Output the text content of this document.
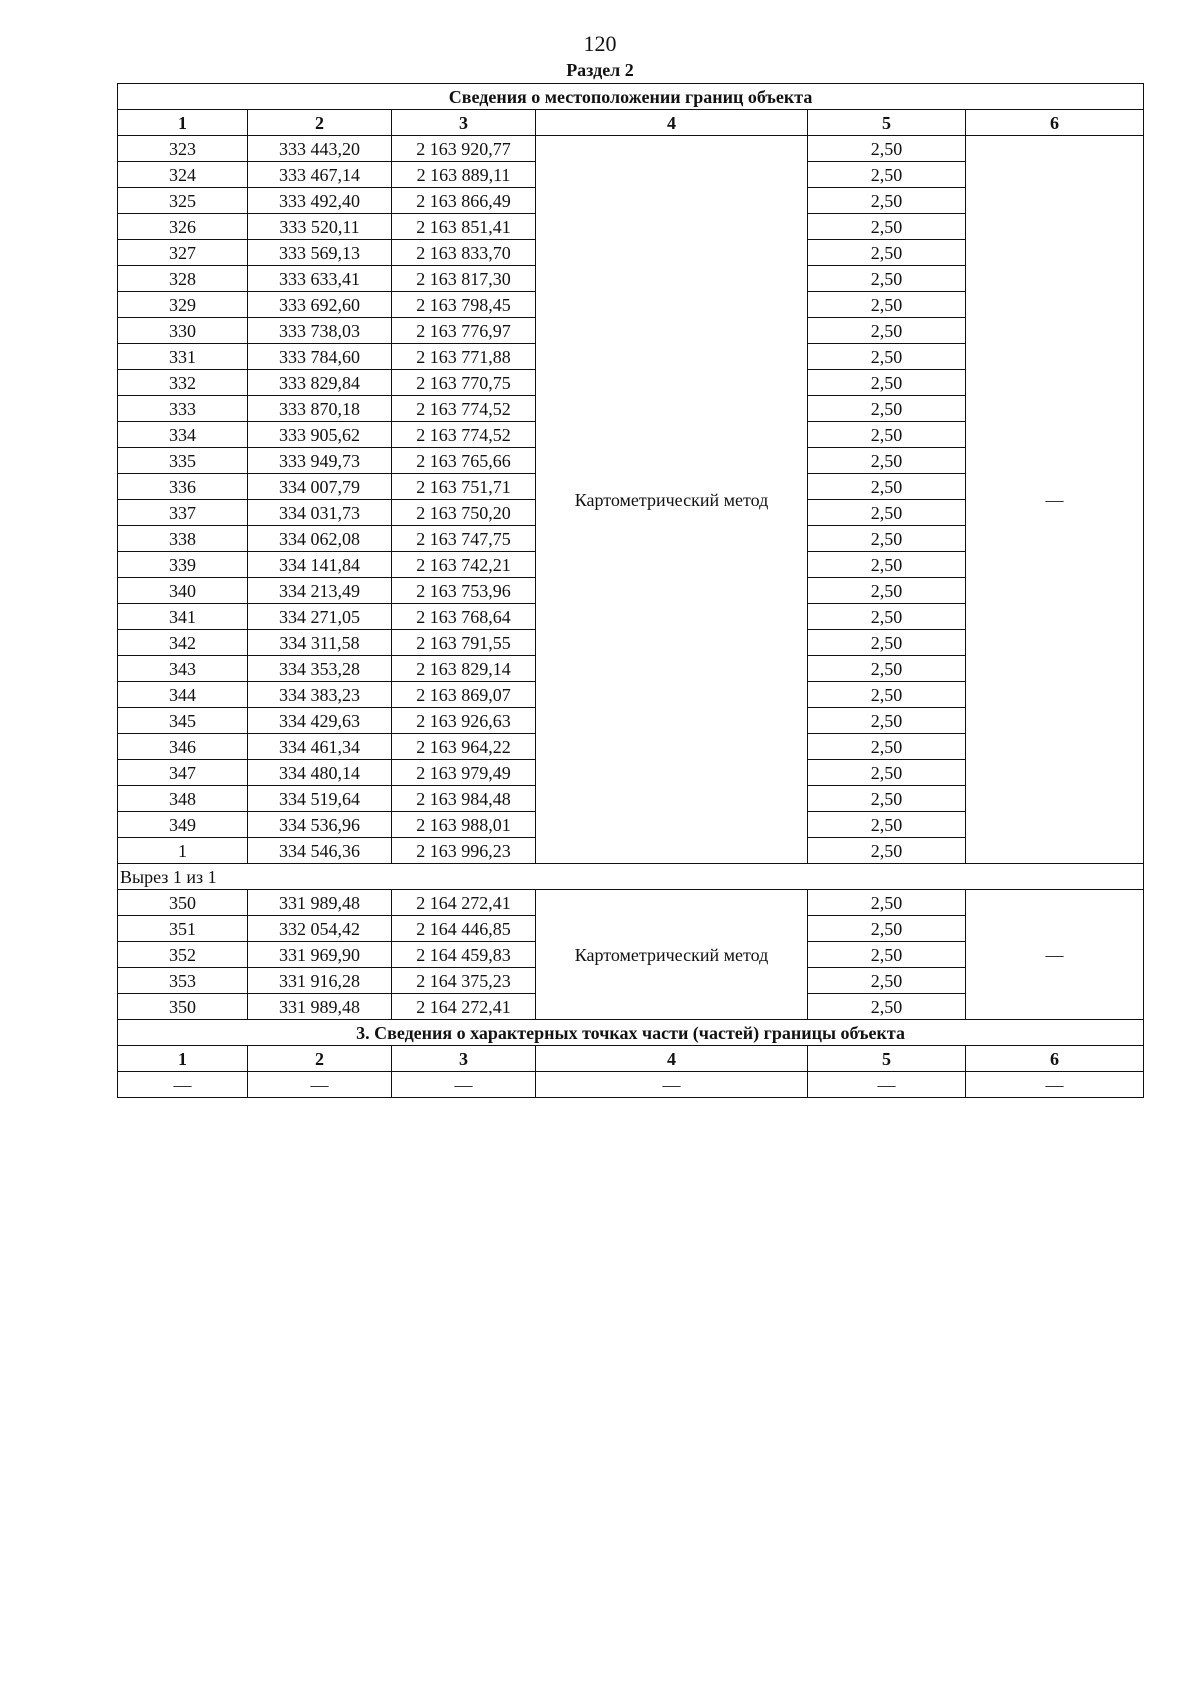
120
Раздел 2
Сведения о местоположении границ объекта					
1	2	3	4	5	6
323	333 443,20	2 163 920,77	Картометрический метод	2,50	—
324	333 467,14	2 163 889,11		2,50	
325	333 492,40	2 163 866,49		2,50	
326	333 520,11	2 163 851,41		2,50	
327	333 569,13	2 163 833,70		2,50	
328	333 633,41	2 163 817,30		2,50	
329	333 692,60	2 163 798,45		2,50	
330	333 738,03	2 163 776,97		2,50	
331	333 784,60	2 163 771,88		2,50	
332	333 829,84	2 163 770,75		2,50	
333	333 870,18	2 163 774,52		2,50	
334	333 905,62	2 163 774,52		2,50	
335	333 949,73	2 163 765,66		2,50	
336	334 007,79	2 163 751,71		2,50	
337	334 031,73	2 163 750,20		2,50	
338	334 062,08	2 163 747,75		2,50	
339	334 141,84	2 163 742,21		2,50	
340	334 213,49	2 163 753,96		2,50	
341	334 271,05	2 163 768,64		2,50	
342	334 311,58	2 163 791,55		2,50	
343	334 353,28	2 163 829,14		2,50	
344	334 383,23	2 163 869,07		2,50	
345	334 429,63	2 163 926,63		2,50	
346	334 461,34	2 163 964,22		2,50	
347	334 480,14	2 163 979,49		2,50	
348	334 519,64	2 163 984,48		2,50	
349	334 536,96	2 163 988,01		2,50	
1	334 546,36	2 163 996,23		2,50	
Вырез 1 из 1					
350	331 989,48	2 164 272,41	Картометрический метод	2,50	—
351	332 054,42	2 164 446,85		2,50	
352	331 969,90	2 164 459,83		2,50	
353	331 916,28	2 164 375,23		2,50	
350	331 989,48	2 164 272,41		2,50	
3. Сведения о характерных точках части (частей) границы объекта					
1	2	3	4	5	6
—	—	—	—	—	—
